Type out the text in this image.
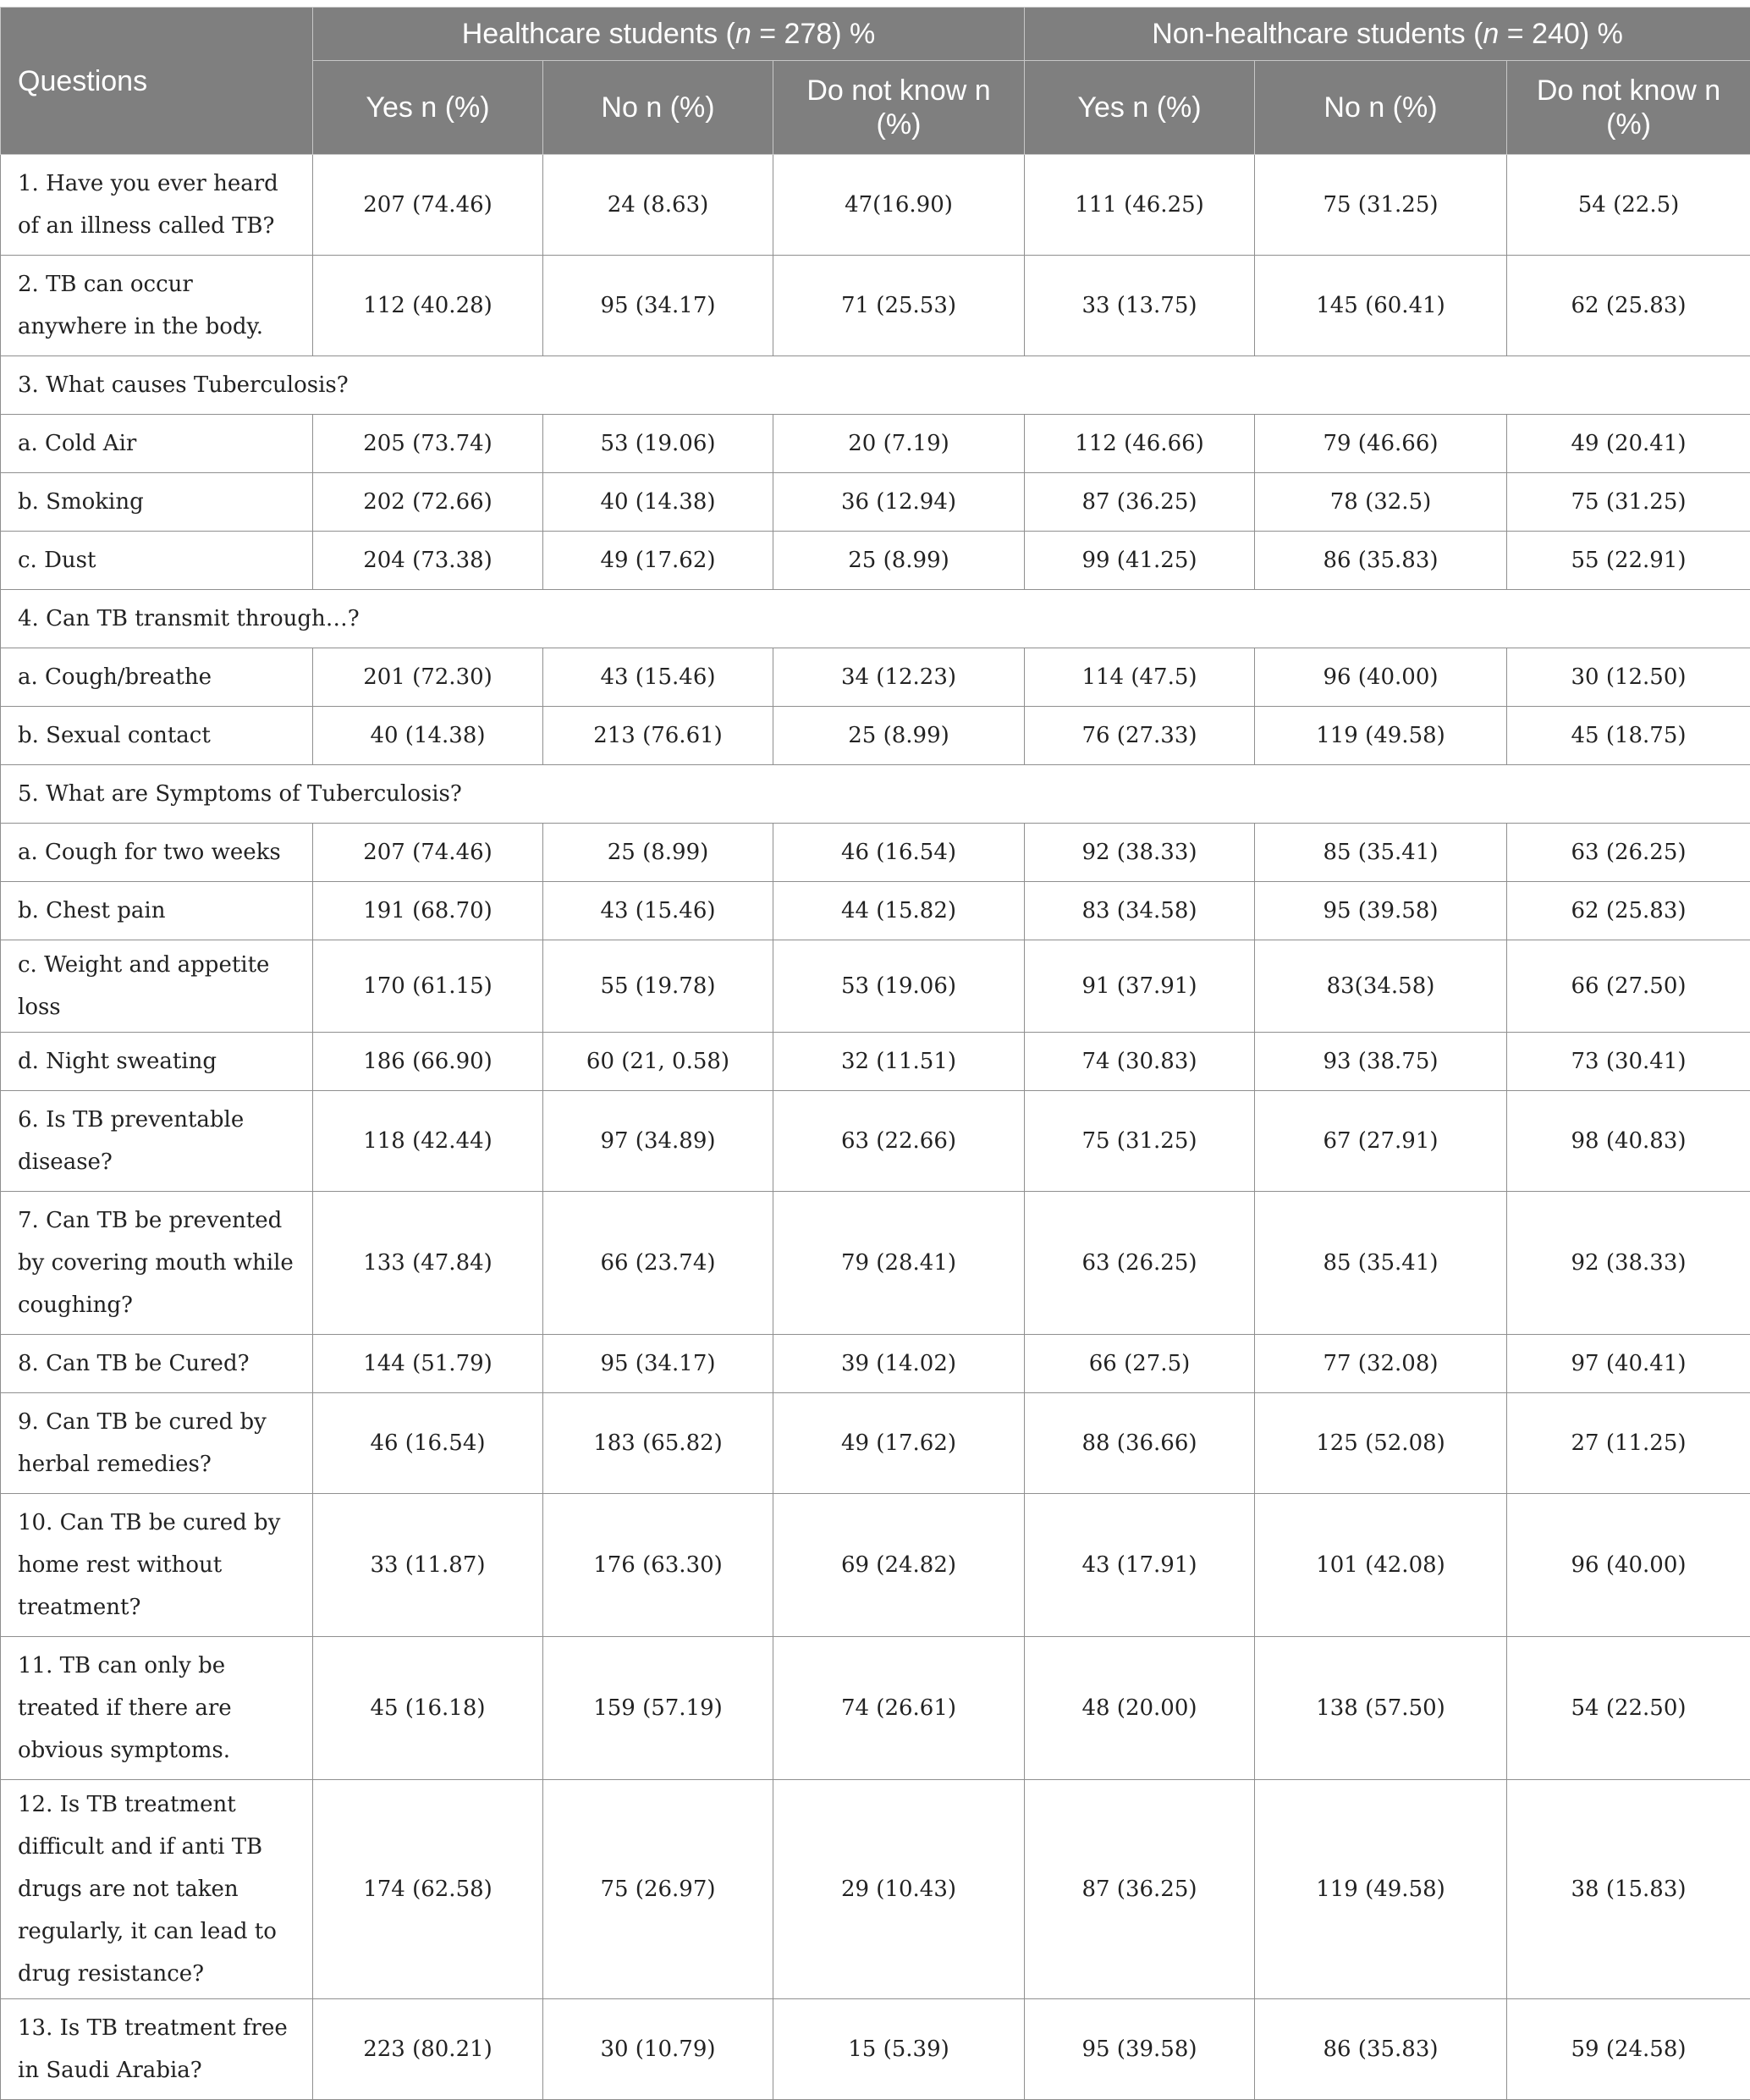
Questions	Healthcare students (n = 278) %			Non-healthcare students (n = 240) %		
	Yes n (%)	No n (%)	Do not know n (%)	Yes n (%)	No n (%)	Do not know n (%)
1. Have you ever heard of an illness called TB?	207 (74.46)	24 (8.63)	47(16.90)	111 (46.25)	75 (31.25)	54 (22.5)
2. TB can occur anywhere in the body.	112 (40.28)	95 (34.17)	71 (25.53)	33 (13.75)	145 (60.41)	62 (25.83)
3. What causes Tuberculosis?						
a. Cold Air	205 (73.74)	53 (19.06)	20 (7.19)	112 (46.66)	79 (46.66)	49 (20.41)
b. Smoking	202 (72.66)	40 (14.38)	36 (12.94)	87 (36.25)	78 (32.5)	75 (31.25)
c. Dust	204 (73.38)	49 (17.62)	25 (8.99)	99 (41.25)	86 (35.83)	55 (22.91)
4. Can TB transmit through…?						
a. Cough/breathe	201 (72.30)	43 (15.46)	34 (12.23)	114 (47.5)	96 (40.00)	30 (12.50)
b. Sexual contact	40 (14.38)	213 (76.61)	25 (8.99)	76 (27.33)	119 (49.58)	45 (18.75)
5. What are Symptoms of Tuberculosis?						
a. Cough for two weeks	207 (74.46)	25 (8.99)	46 (16.54)	92 (38.33)	85 (35.41)	63 (26.25)
b. Chest pain	191 (68.70)	43 (15.46)	44 (15.82)	83 (34.58)	95 (39.58)	62 (25.83)
c. Weight and appetite loss	170 (61.15)	55 (19.78)	53 (19.06)	91 (37.91)	83(34.58)	66 (27.50)
d. Night sweating	186 (66.90)	60 (21, 0.58)	32 (11.51)	74 (30.83)	93 (38.75)	73 (30.41)
6. Is TB preventable disease?	118 (42.44)	97 (34.89)	63 (22.66)	75 (31.25)	67 (27.91)	98 (40.83)
7. Can TB be prevented by covering mouth while coughing?	133 (47.84)	66 (23.74)	79 (28.41)	63 (26.25)	85 (35.41)	92 (38.33)
8. Can TB be Cured?	144 (51.79)	95 (34.17)	39 (14.02)	66 (27.5)	77 (32.08)	97 (40.41)
9. Can TB be cured by herbal remedies?	46 (16.54)	183 (65.82)	49 (17.62)	88 (36.66)	125 (52.08)	27 (11.25)
10. Can TB be cured by home rest without treatment?	33 (11.87)	176 (63.30)	69 (24.82)	43 (17.91)	101 (42.08)	96 (40.00)
11. TB can only be treated if there are obvious symptoms.	45 (16.18)	159 (57.19)	74 (26.61)	48 (20.00)	138 (57.50)	54 (22.50)
12. Is TB treatment difficult and if anti TB drugs are not taken regularly, it can lead to drug resistance?	174 (62.58)	75 (26.97)	29 (10.43)	87 (36.25)	119 (49.58)	38 (15.83)
13. Is TB treatment free in Saudi Arabia?	223 (80.21)	30 (10.79)	15 (5.39)	95 (39.58)	86 (35.83)	59 (24.58)
